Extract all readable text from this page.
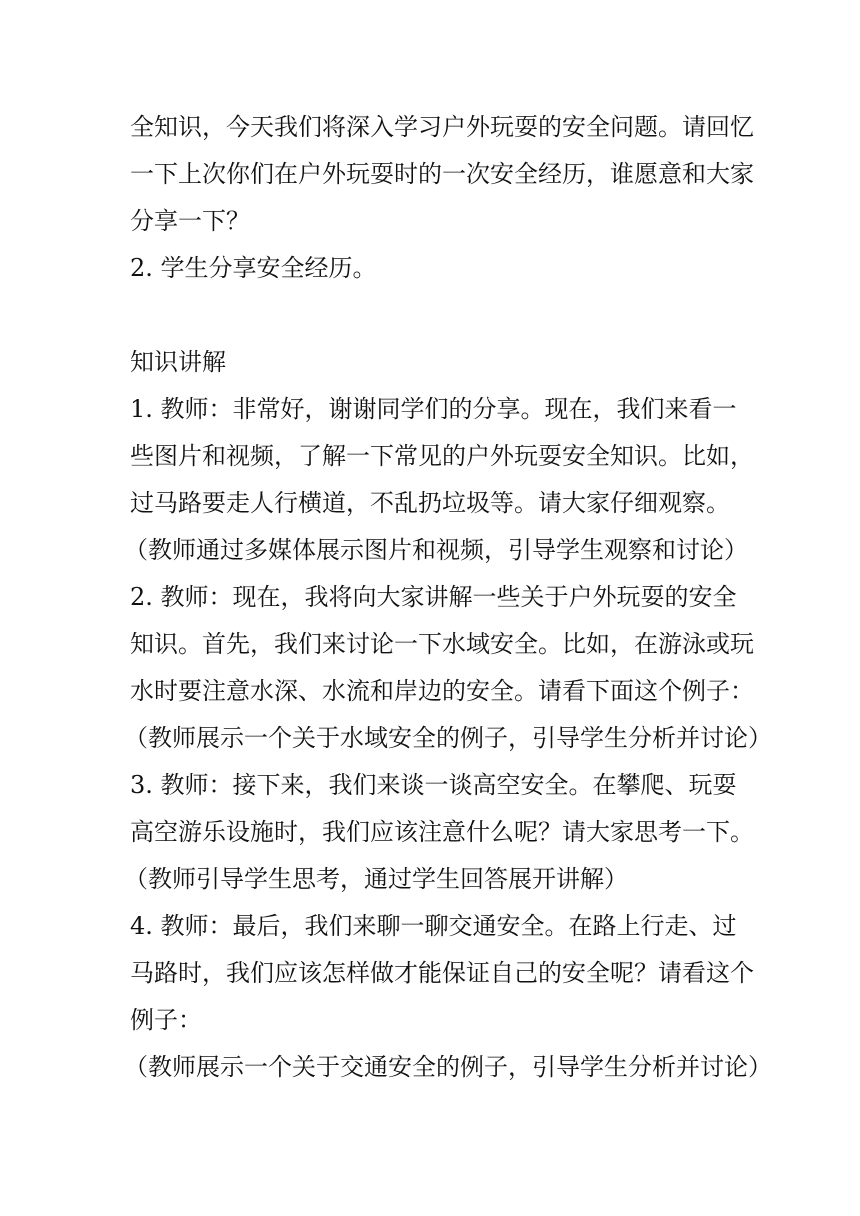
全知识，今天我们将深入学习户外玩耍的安全问题。请回忆
一下上次你们在户外玩耍时的一次安全经历，谁愿意和大家
分享一下？
2. 学生分享安全经历。
知识讲解
1. 教师：非常好，谢谢同学们的分享。现在，我们来看一
些图片和视频，了解一下常见的户外玩耍安全知识。比如，
过马路要走人行横道，不乱扔垃圾等。请大家仔细观察。
（教师通过多媒体展示图片和视频，引导学生观察和讨论）
2. 教师：现在，我将向大家讲解一些关于户外玩耍的安全
知识。首先，我们来讨论一下水域安全。比如，在游泳或玩
水时要注意水深、水流和岸边的安全。请看下面这个例子：
（教师展示一个关于水域安全的例子，引导学生分析并讨论）
3. 教师：接下来，我们来谈一谈高空安全。在攀爬、玩耍
高空游乐设施时，我们应该注意什么呢？请大家思考一下。
（教师引导学生思考，通过学生回答展开讲解）
4. 教师：最后，我们来聊一聊交通安全。在路上行走、过
马路时，我们应该怎样做才能保证自己的安全呢？请看这个
例子：
（教师展示一个关于交通安全的例子，引导学生分析并讨论）
